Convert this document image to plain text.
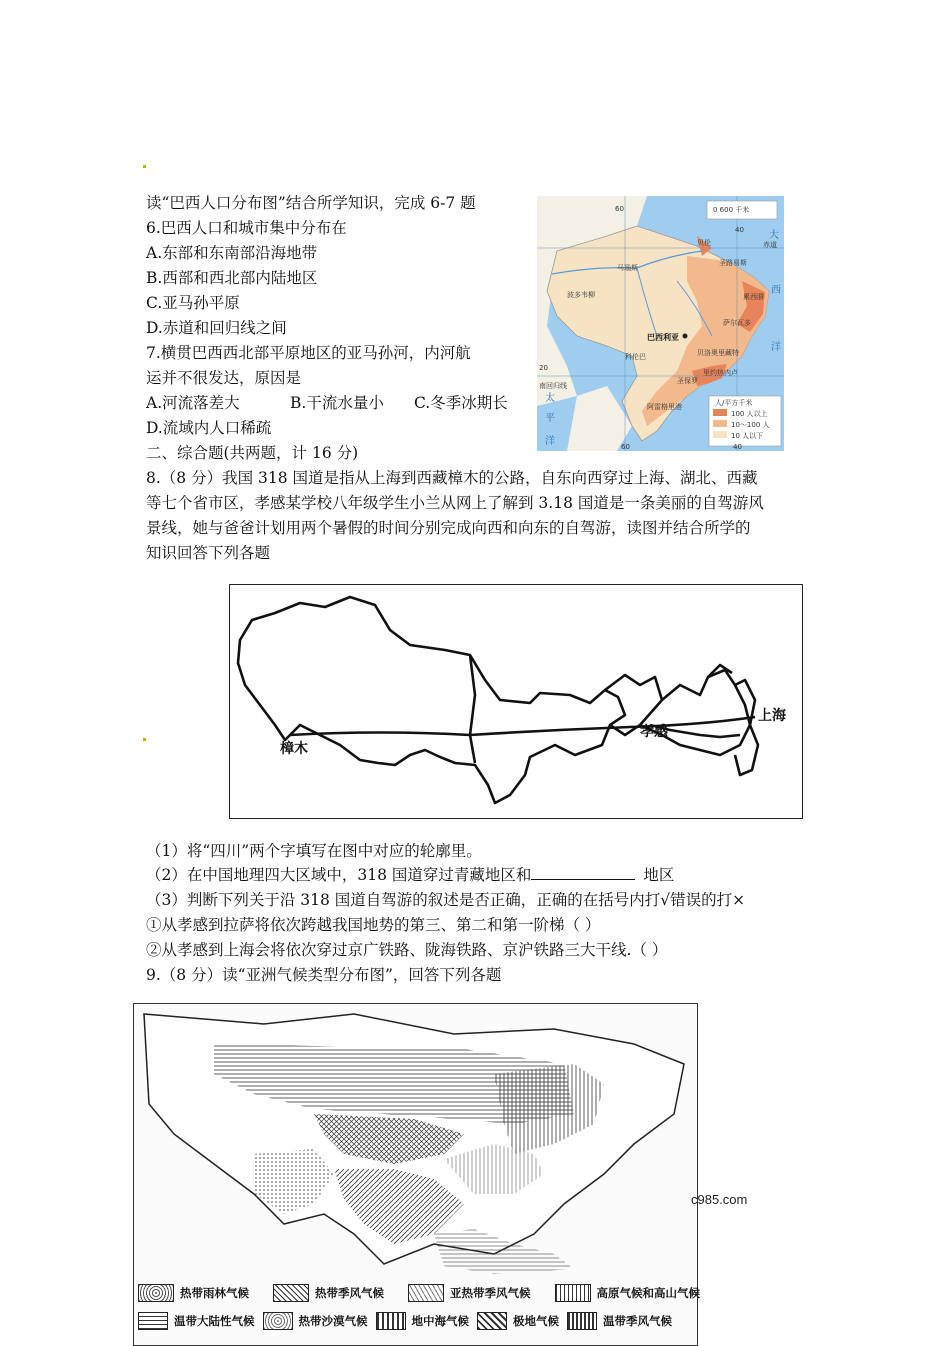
读“巴西人口分布图”结合所学知识，完成 6-7 题
6.巴西人口和城市集中分布在
A.东部和东南部沿海地带
B.西部和西北部内陆地区
C.亚马孙平原
D.赤道和回归线之间
7.横贯巴西西北部平原地区的亚马孙河，内河航
运并不很发达，原因是
A.河流落差大	B.干流水量小 C.冬季冰期长
D.流域内人口稀疏
二、综合题(共两题，计 16 分)
0 600 千米
60
40
20
60	40
赤道
南回归线
大
西
洋
太
平
洋
马瑙斯
贝伦
圣路易斯
累西腓
萨尔瓦多
巴西利亚
贝洛奥里藏特
里约热内卢
圣保罗
阿雷格里港
波多韦柳
科伦巴
人/平方千米
100 人以上
10～100 人
10 人以下
8.（8 分）我国 318 国道是指从上海到西藏樟木的公路，自东向西穿过上海、湖北、西藏
等七个省市区，孝感某学校八年级学生小兰从网上了解到 3.18 国道是一条美丽的自驾游风
景线，她与爸爸计划用两个暑假的时间分别完成向西和向东的自驾游，读图并结合所学的
知识回答下列各题
樟木
孝感
上海
（1）将“四川”两个字填写在图中对应的轮廓里。
（2）在中国地理四大区域中，318 国道穿过青藏地区和	地区
（3）判断下列关于沿 318 国道自驾游的叙述是否正确，正确的在括号内打√错误的打×
①从孝感到拉萨将依次跨越我国地势的第三、第二和第一阶梯（ ）
②从孝感到上海会将依次穿过京广铁路、陇海铁路、京沪铁路三大干线.（ ）
9.（8 分）读“亚洲气候类型分布图”，回答下列各题
c985.com
热带雨林气候	热带季风气候	亚热带季风气候	高原气候和高山气候
温带大陆性气候	热带沙漠气候	地中海气候	极地气候	温带季风气候
